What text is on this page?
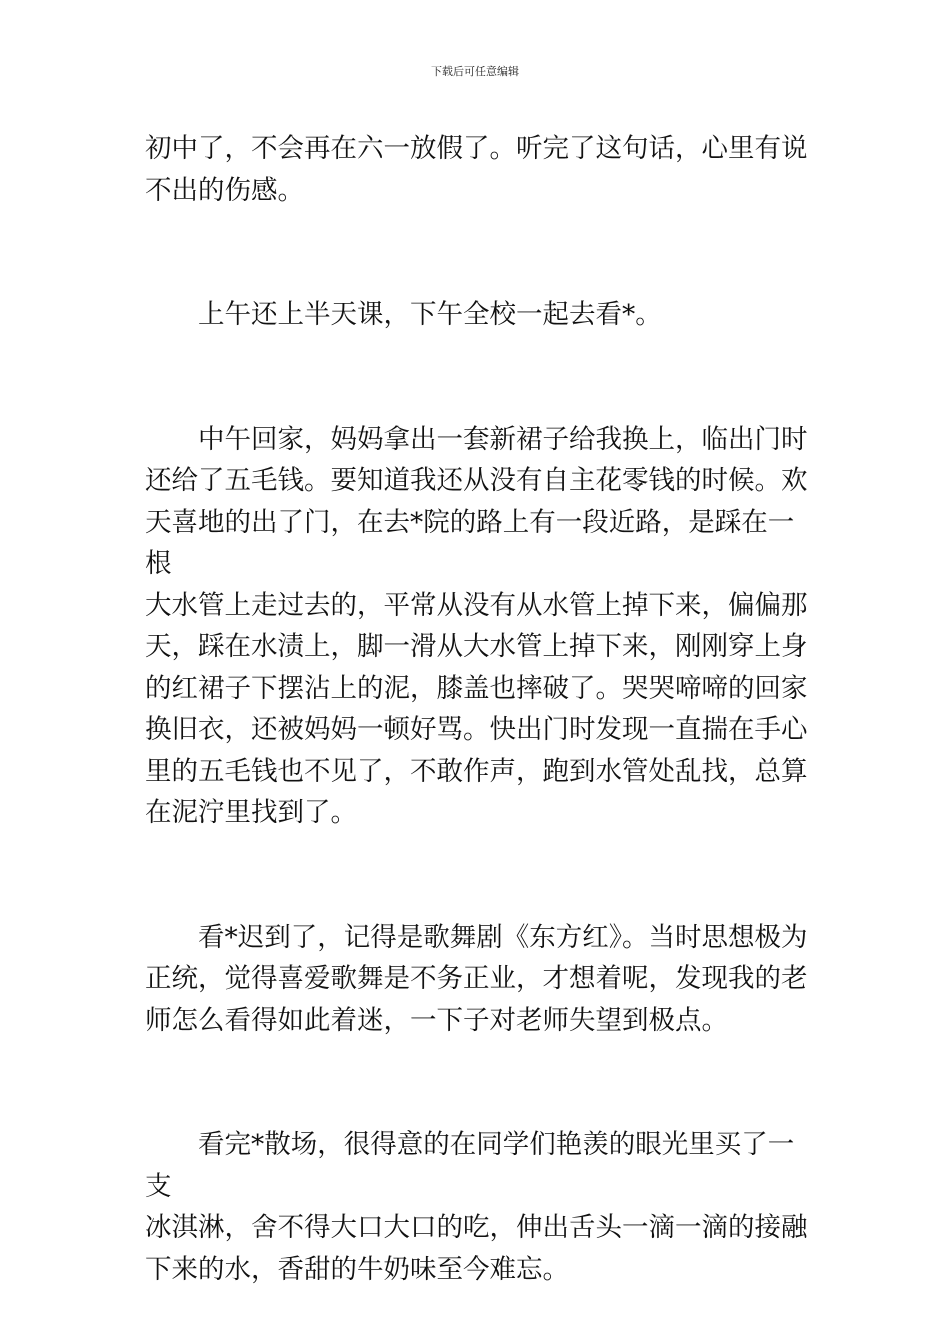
下载后可任意编辑
初中了，不会再在六一放假了。听完了这句话，心里有说
不出的伤感。
上午还上半天课，下午全校一起去看*。
中午回家，妈妈拿出一套新裙子给我换上，临出门时
还给了五毛钱。要知道我还从没有自主花零钱的时候。欢
天喜地的出了门，在去*院的路上有一段近路，是踩在一根
大水管上走过去的，平常从没有从水管上掉下来，偏偏那
天，踩在水渍上，脚一滑从大水管上掉下来，刚刚穿上身
的红裙子下摆沾上的泥，膝盖也摔破了。哭哭啼啼的回家
换旧衣，还被妈妈一顿好骂。快出门时发现一直揣在手心
里的五毛钱也不见了，不敢作声，跑到水管处乱找，总算
在泥泞里找到了。
看*迟到了，记得是歌舞剧《东方红》。当时思想极为
正统，觉得喜爱歌舞是不务正业，才想着呢，发现我的老
师怎么看得如此着迷，一下子对老师失望到极点。
看完*散场，很得意的在同学们艳羡的眼光里买了一支
冰淇淋，舍不得大口大口的吃，伸出舌头一滴一滴的接融
下来的水，香甜的牛奶味至今难忘。
